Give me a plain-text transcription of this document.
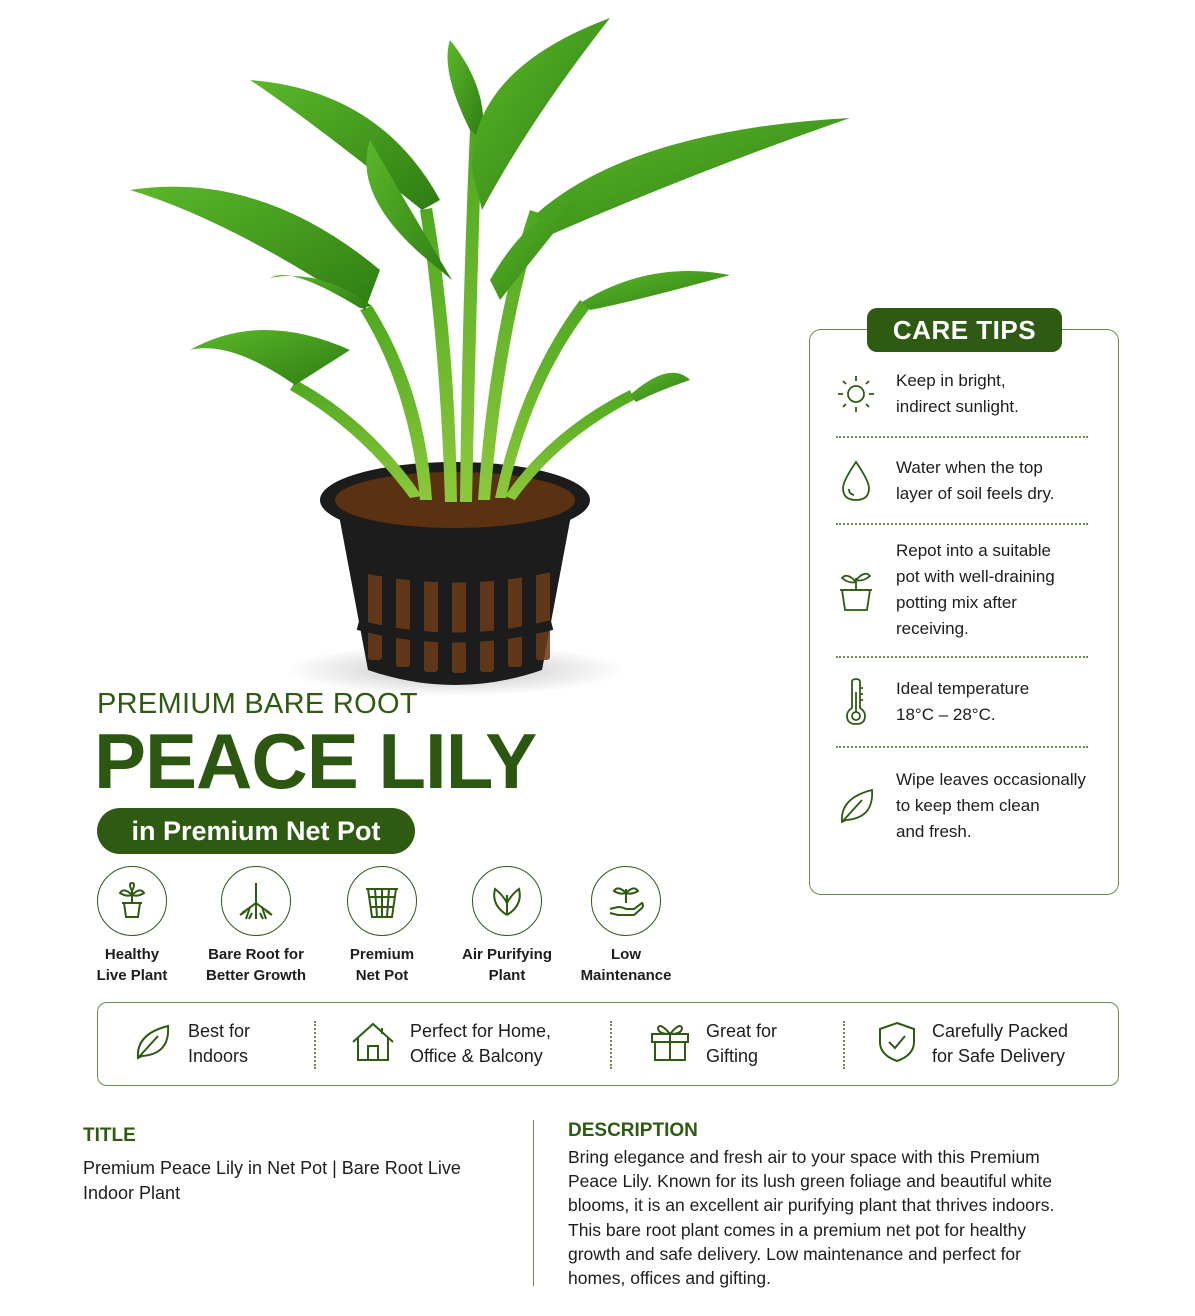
PREMIUM BARE ROOT
PEACE LILY
in Premium Net Pot
Healthy
Live Plant
Bare Root for
Better Growth
Premium
Net Pot
Air Purifying
Plant
Low
Maintenance
Best for
Indoors
Perfect for Home,
Office & Balcony
Great for
Gifting
Carefully Packed
for Safe Delivery
Keep in bright,
indirect sunlight.
Water when the top
layer of soil feels dry.
Repot into a suitable
pot with well-draining
potting mix after
receiving.
Ideal temperature
18°C – 28°C.
Wipe leaves occasionally
to keep them clean
and fresh.
CARE TIPS
TITLE
Premium Peace Lily in Net Pot | Bare Root Live
Indoor Plant
DESCRIPTION
Bring elegance and fresh air to your space with this Premium
Peace Lily. Known for its lush green foliage and beautiful white
blooms, it is an excellent air purifying plant that thrives indoors.
This bare root plant comes in a premium net pot for healthy
growth and safe delivery. Low maintenance and perfect for
homes, offices and gifting.
